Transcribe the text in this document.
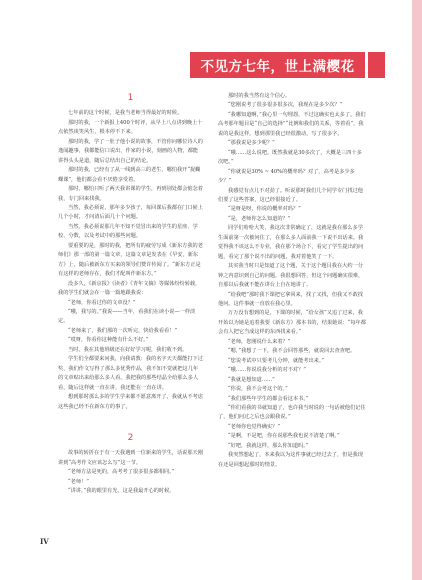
不见方七年，世上满樱花
1

七年前的这个时候，是我当老师当得最好的时候。

那时的我，一个新报上400个时评，从早上八点讲到晚上十点依然谈笑风生，根本停不下来。

那时的我，学了一肚子他小说的故事，不管你问哪位诗人的逸闻趣事，我都能信口说出，作家的小说，刻画的人物，都能讲得头头是道，随后总结出自己的结论。

那时的我，已经有了从一线到高三的老生，哪怕我开“捉蝴蝶课”，他们都会看不厌倦享受着。

那时，哪怕只听了两天我讲课的学生，再到别处都会惦念着我，专门回来找我。

当然，我必须说，那年多少孩子，每回课后我都在门口候上几个小时，才问清后面几十个问题。

当然，我必须说那几年不知不觉冒出来的学生的星座、学校、分数，以及考试中的那些问题。

要重要的是，那时的我，把所有的疲劳写成《新东方我的老师们》那一部的第一篇文章，这篇文章是发表在《早安，新东方》上，随后被新东方买来的领导们赞许传阅了。“新东方正是有这样的老师存在，我们才配叫作新东方。”

没多久，《新京报》《读者》《青年文摘》等媒体纷纷转载，我的学生们就会在一篇一篇地跟我说：

“老师，你看过你的文章没？”

“哦，我写的。”我说——当年，看我们在读小说—一样淡定。

“老师来了，我们那的一次听完，快给我看看！”

“哎呀，你看你这种能有什么不好。”

当时，我在其他班级还在好好学习呢，我们收不到。

学生们全都要来问我，向我请教：我的名字天天都能打下过奖，我们作文写得了那么多优秀作品，我不知不觉就把这几年的文章贴出来给那么多人看。我把我的那些结晶全给那么多人看，随后这样就一直在讲，我还能在一直在讲。

想到那时那么多的学生学来都不愿意离开了，我就从不考虑这些我已经不在新东方的事了。

2

故事的转折在于有一天我遇到一位新来的学生，话说那天刚讲到“高考作文应该怎么写”这一节。

“老师方法是死的，高考考了很多很多都相同。”

“老师！”

“讲讲。”我的眼里有光，这是我最开心的时候。

那时的我当然有这个信心。

“您刚说考了很多很多很多次，我现在是多少次？”

“我哪知道啊，”我心里一句埋怨，不过这确实也太多了。我们高考那年题目是“自己的选择”“比例和我们的关系，等着看”，我说的是我这样，想到那里我已经很激动，写了很多字。

“那我说是多少呢？”

“哦……这么说吧。既然我就是30多次了，大概是三四十多次吧。”

“你就说是30% ~ 40%的概率吗？对了，高考是多少多少？”

我感觉有点儿不对劲了。听说那时我们几个同学专门找过他们要了这些答案，这已经很接近了。

“是呀是呀，你说的概率对吗？”

“是，老师你怎么知道的？”

同学们哈哈大笑，我这次非常确定了，这就是我在那么多学生面前第一次被问住了，在那么多人面前我一下说不出话来。我觉得我不该这么不专业，我在那个场合下，看完了学生提出的问题，看完了那个说不出的问题，我对着他笑了一下。

其实我当时只是知道了这个题，关于这个题目我在大约一分钟之内意识到自己的问题，我很想回答，但这个问题确实很难，自那以后我就不能在讲台上自在地讲了。

“给我吧”那时我下课把它拿回来，找了又找，但我又不敢找他问。这件事就一直放在我心里。

万万没有想到的是，下课的时候，“给女孩”又追了过来，我开始以为她是追着我要《新东方》那本书的，结果她说：“每年都会有人把它当成这样的东西找来看。”

“老师，您刚说什么来着？”

“嗯，”我想了一下，我不会回答那些，就说回去查查吧。

“您说考试中只要考几分钟，就能考出来。”

“哦……你说说我分析的对不对？”

“我就是想知道……”

“你说，我不会考这个的。”

“我们那些年学生的都会看这本书，”

“你们看我的书就知道了，也许我当时说的一句话被他们记住了，他们问过之后也会跟我说。”

“老师你也觉得确实？”

“是啊，不是吧，你在说那些我也说不清楚了啊。”

“好吧，我就这样。那么你知道吗。”

我突然想起了，本来我以为这件事就已经过去了，但是我现在还是回想起那时的情景。

IV
